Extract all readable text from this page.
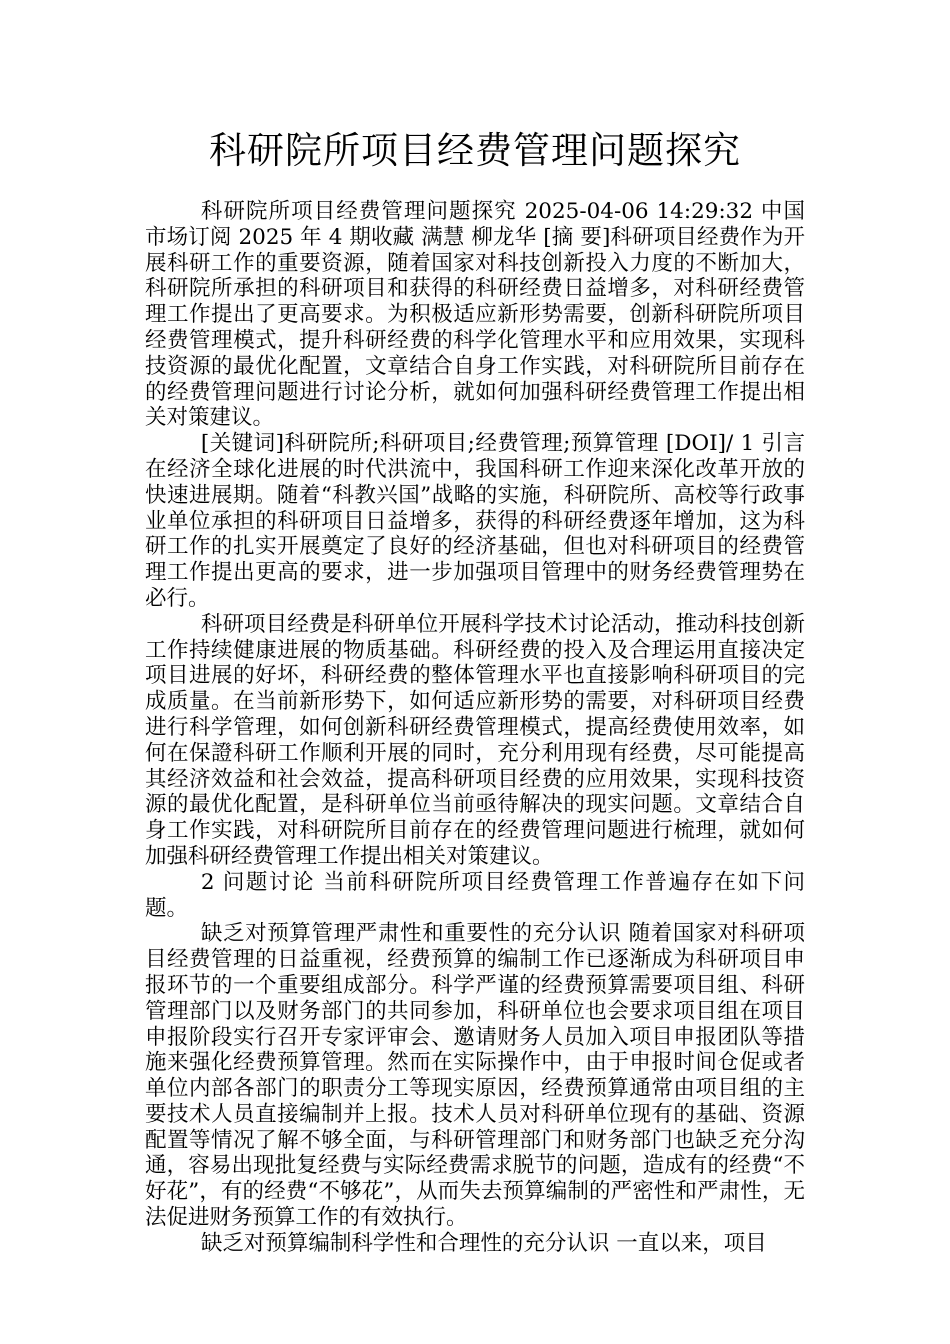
科研院所项目经费管理问题探究

科研院所项目经费管理问题探究 2025-04-06 14:29:32 中国市场订阅 2025 年 4 期收藏 满慧 柳龙华 [摘 要]科研项目经费作为开展科研工作的重要资源，随着国家对科技创新投入力度的不断加大，科研院所承担的科研项目和获得的科研经费日益增多，对科研经费管理工作提出了更高要求。为积极适应新形势需要，创新科研院所项目经费管理模式，提升科研经费的科学化管理水平和应用效果，实现科技资源的最优化配置，文章结合自身工作实践，对科研院所目前存在的经费管理问题进行讨论分析，就如何加强科研经费管理工作提出相关对策建议。

[关键词]科研院所;科研项目;经费管理;预算管理 [DOI]/ 1 引言 在经济全球化进展的时代洪流中，我国科研工作迎来深化改革开放的快速进展期。随着“科教兴国”战略的实施，科研院所、高校等行政事业单位承担的科研项目日益增多，获得的科研经费逐年增加，这为科研工作的扎实开展奠定了良好的经济基础，但也对科研项目的经费管理工作提出更高的要求，进一步加强项目管理中的财务经费管理势在必行。

科研项目经费是科研单位开展科学技术讨论活动，推动科技创新工作持续健康进展的物质基础。科研经费的投入及合理运用直接决定项目进展的好坏，科研经费的整体管理水平也直接影响科研项目的完成质量。在当前新形势下，如何适应新形势的需要，对科研项目经费进行科学管理，如何创新科研经费管理模式，提高经费使用效率，如何在保證科研工作顺利开展的同时，充分利用现有经费，尽可能提高其经济效益和社会效益，提高科研项目经费的应用效果，实现科技资源的最优化配置，是科研单位当前亟待解决的现实问题。文章结合自身工作实践，对科研院所目前存在的经费管理问题进行梳理，就如何加强科研经费管理工作提出相关对策建议。

2 问题讨论 当前科研院所项目经费管理工作普遍存在如下问题。

缺乏对预算管理严肃性和重要性的充分认识 随着国家对科研项目经费管理的日益重视，经费预算的编制工作已逐渐成为科研项目申报环节的一个重要组成部分。科学严谨的经费预算需要项目组、科研管理部门以及财务部门的共同参加，科研单位也会要求项目组在项目申报阶段实行召开专家评审会、邀请财务人员加入项目申报团队等措施来强化经费预算管理。然而在实际操作中，由于申报时间仓促或者单位内部各部门的职责分工等现实原因，经费预算通常由项目组的主要技术人员直接编制并上报。技术人员对科研单位现有的基础、资源配置等情况了解不够全面，与科研管理部门和财务部门也缺乏充分沟通，容易出现批复经费与实际经费需求脱节的问题，造成有的经费“不好花”，有的经费“不够花”，从而失去预算编制的严密性和严肃性，无法促进财务预算工作的有效执行。

缺乏对预算编制科学性和合理性的充分认识 一直以来，项目
